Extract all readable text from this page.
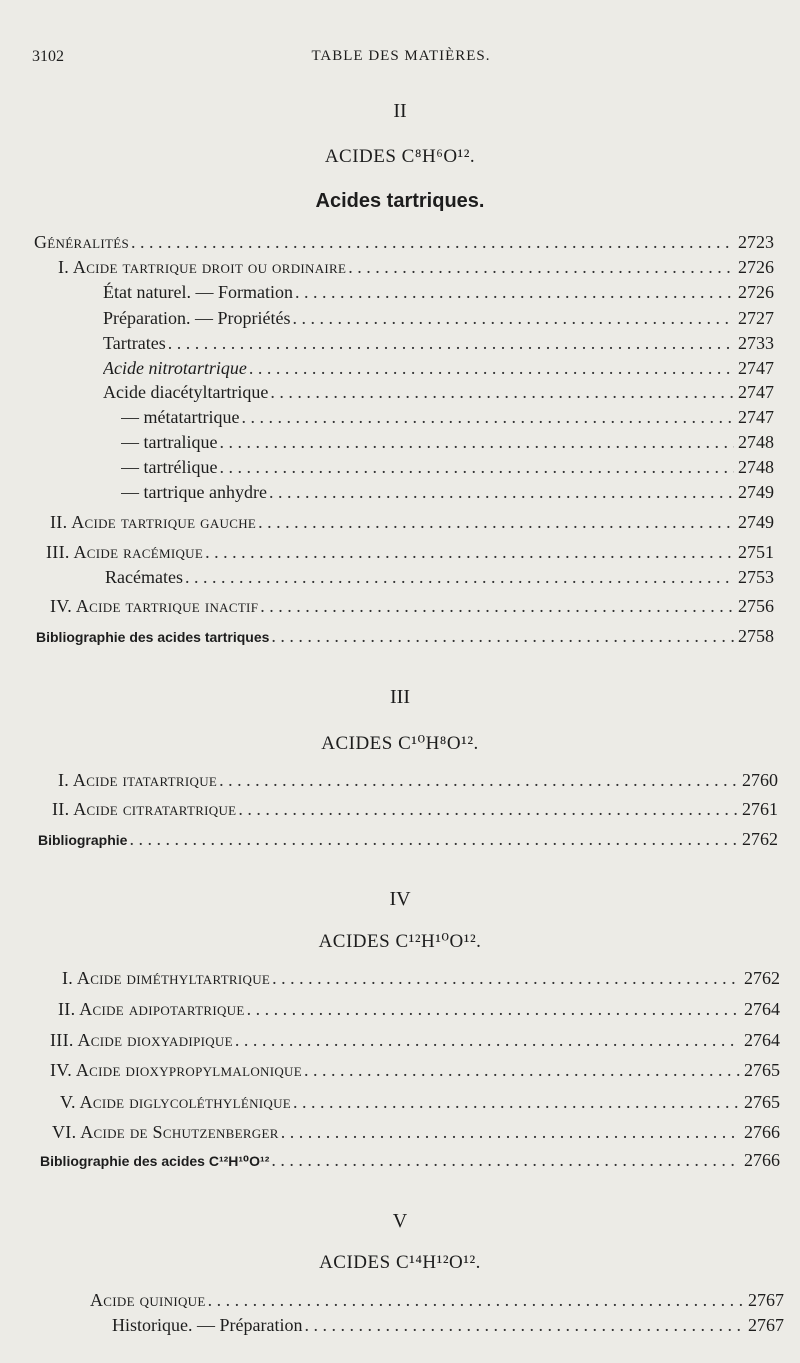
3102	TABLE DES MATIÈRES.
II
ACIDES C⁸H⁶O¹².
Acides tartriques.
Généralités . . .	2723
I. Acide tartrique droit ou ordinaire . . .	2726
État naturel. — Formation . . .	2726
Préparation. — Propriétés . . .	2727
Tartrates . . .	2733
Acide nitrotartrique . . .	2747
Acide diacétyltartrique . . .	2747
— métatartrique . . .	2747
— tartralique . . .	2748
— tartrélique . . .	2748
— tartrique anhydre . . .	2749
II. Acide tartrique gauche . . .	2749
III. Acide racémique . . .	2751
Racémates . . .	2753
IV. Acide tartrique inactif . . .	2756
Bibliographie des acides tartriques . . .	2758
III
ACIDES C¹⁰H⁸O¹².
I. Acide itatartrique . . .	2760
II. Acide citratartrique . . .	2761
Bibliographie . . .	2762
IV
ACIDES C¹²H¹⁰O¹².
I. Acide diméthyltartrique . . .	2762
II. Acide adipotartrique . . .	2764
III. Acide dioxyadipique . . .	2764
IV. Acide dioxypropylmalonique . . .	2765
V. Acide diglycoléthylénique . . .	2765
VI. Acide de Schutzenberger . . .	2766
Bibliographie des acides C¹²H¹⁰O¹² . . .	2766
V
ACIDES C¹⁴H¹²O¹².
Acide quinique . . .	2767
Historique. — Préparation . . .	2767
